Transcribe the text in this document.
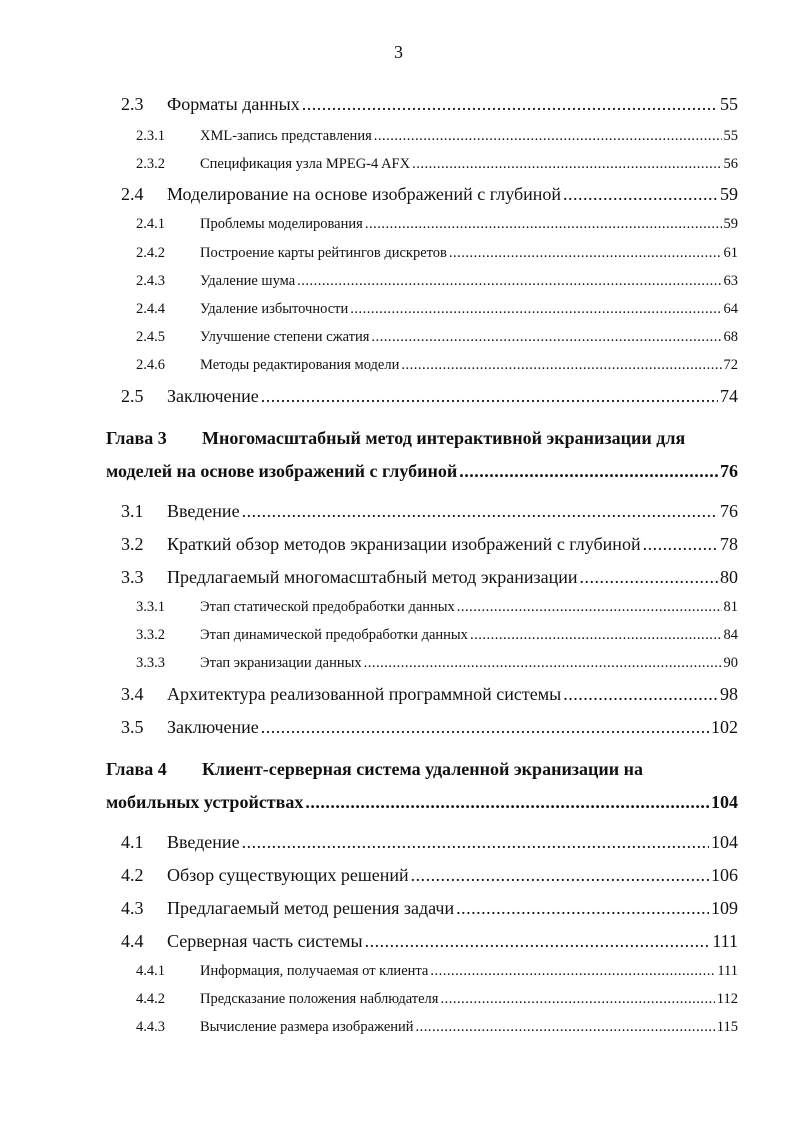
3
2.3 Форматы данных .....	55
2.3.1 XML-запись представления .....	55
2.3.2 Спецификация узла MPEG-4 AFX .....	56
2.4 Моделирование на основе изображений с глубиной .....	59
2.4.1 Проблемы моделирования .....	59
2.4.2 Построение карты рейтингов дискретов .....	61
2.4.3 Удаление шума .....	63
2.4.4 Удаление избыточности .....	64
2.4.5 Улучшение степени сжатия .....	68
2.4.6 Методы редактирования модели .....	72
2.5 Заключение .....	74
Глава 3 Многомасштабный метод интерактивной экранизации для
моделей на основе изображений с глубиной .....	76
3.1 Введение .....	76
3.2 Краткий обзор методов экранизации изображений с глубиной .....	78
3.3 Предлагаемый многомасштабный метод экранизации .....	80
3.3.1 Этап статической предобработки данных .....	81
3.3.2 Этап динамической предобработки данных .....	84
3.3.3 Этап экранизации данных .....	90
3.4 Архитектура реализованной программной системы .....	98
3.5 Заключение .....	102
Глава 4 Клиент-серверная система удаленной экранизации на
мобильных устройствах .....	104
4.1 Введение .....	104
4.2 Обзор существующих решений .....	106
4.3 Предлагаемый метод решения задачи .....	109
4.4 Серверная часть системы .....	111
4.4.1 Информация, получаемая от клиента .....	111
4.4.2 Предсказание положения наблюдателя .....	112
4.4.3 Вычисление размера изображений .....	115
